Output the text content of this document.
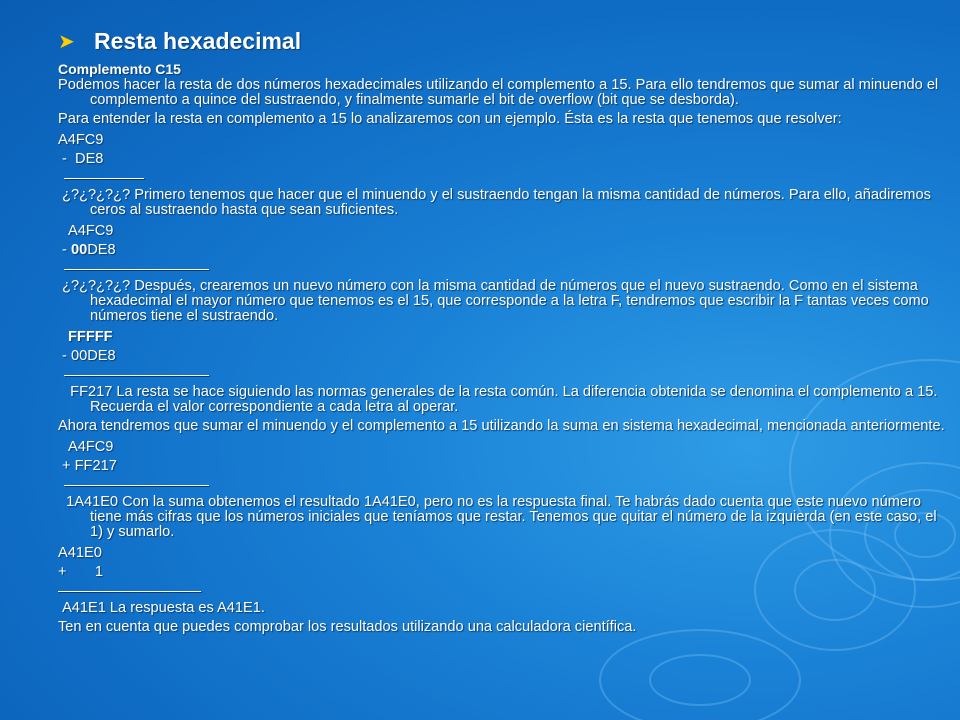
➤ Resta hexadecimal
Complemento C15

Podemos hacer la resta de dos números hexadecimales utilizando el complemento a 15. Para ello tendremos que sumar al minuendo el complemento a quince del sustraendo, y finalmente sumarle el bit de overflow (bit que se desborda).

Para entender la resta en complemento a 15 lo analizaremos con un ejemplo. Ésta es la resta que tenemos que resolver:

A4FC9
-  DE8

¿?¿?¿?¿? Primero tenemos que hacer que el minuendo y el sustraendo tengan la misma cantidad de números. Para ello, añadiremos ceros al sustraendo hasta que sean suficientes.

A4FC9
- 00DE8

¿?¿?¿?¿? Después, crearemos un nuevo número con la misma cantidad de números que el nuevo sustraendo. Como en el sistema hexadecimal el mayor número que tenemos es el 15, que corresponde a la letra F, tendremos que escribir la F tantas veces como números tiene el sustraendo.

FFFFF
- 00DE8

FF217 La resta se hace siguiendo las normas generales de la resta común. La diferencia obtenida se denomina el complemento a 15. Recuerda el valor correspondiente a cada letra al operar.

Ahora tendremos que sumar el minuendo y el complemento a 15 utilizando la suma en sistema hexadecimal, mencionada anteriormente.

A4FC9
+ FF217

1A41E0 Con la suma obtenemos el resultado 1A41E0, pero no es la respuesta final. Te habrás dado cuenta que este nuevo número tiene más cifras que los números iniciales que teníamos que restar. Tenemos que quitar el número de la izquierda (en este caso, el 1) y sumarlo.

A41E0
+       1

A41E1 La respuesta es A41E1.

Ten en cuenta que puedes comprobar los resultados utilizando una calculadora científica.
